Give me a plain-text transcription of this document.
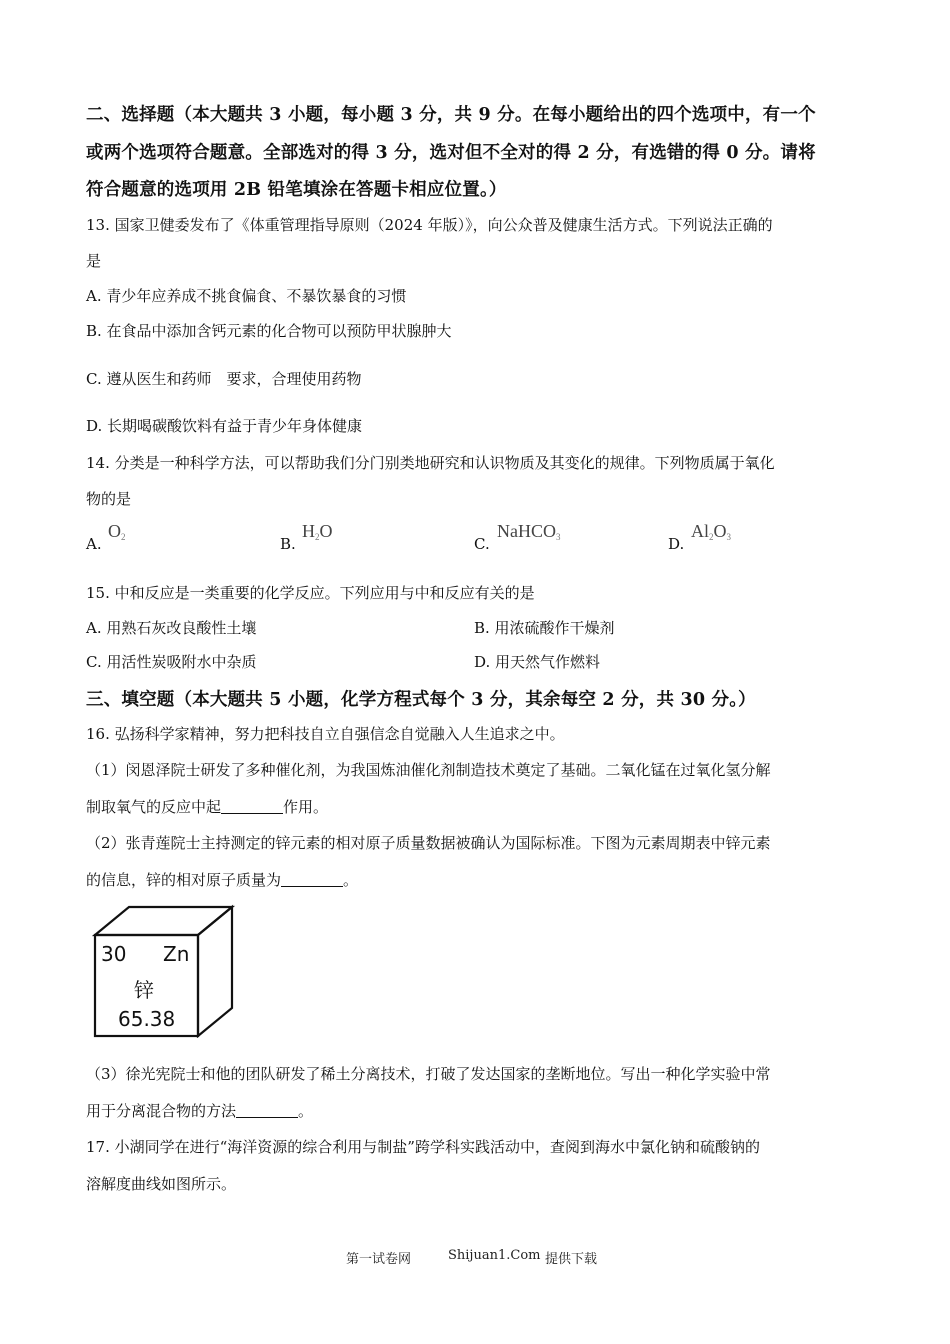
二、选择题（本大题共 3 小题，每小题 3 分，共 9 分。在每小题给出的四个选项中，有一个
或两个选项符合题意。全部选对的得 3 分，选对但不全对的得 2 分，有选错的得 0 分。请将
符合题意的选项用 2B 铅笔填涂在答题卡相应位置。）
13. 国家卫健委发布了《体重管理指导原则（2024 年版）》，向公众普及健康生活方式。下列说法正确的
是
A. 青少年应养成不挑食偏食、不暴饮暴食的习惯
B. 在食品中添加含钙元素的化合物可以预防甲状腺肿大
C. 遵从医生和药师　要求，合理使用药物
D. 长期喝碳酸饮料有益于青少年身体健康
14. 分类是一种科学方法，可以帮助我们分门别类地研究和认识物质及其变化的规律。下列物质属于氧化
物的是
A.
$O_2$	B.
$H_2O$
C.
NaHCO$_3$	D.
$Al_2O_3$
15. 中和反应是一类重要的化学反应。下列应用与中和反应有关的是
A. 用熟石灰改良酸性土壤	B. 用浓硫酸作干燥剂
C. 用活性炭吸附水中杂质	D. 用天然气作燃料
三、填空题（本大题共 5 小题，化学方程式每个 3 分，其余每空 2 分，共 30 分。）
16. 弘扬科学家精神，努力把科技自立自强信念自觉融入人生追求之中。
（1）闵恩泽院士研发了多种催化剂，为我国炼油催化剂制造技术奠定了基础。二氧化锰在过氧化氢分解
制取氧气的反应中起	作用。
（2）张青莲院士主持测定的锌元素的相对原子质量数据被确认为国际标准。下图为元素周期表中锌元素
的信息，锌的相对原子质量为	。
30 Zn
锌
65.38
（3）徐光宪院士和他的团队研发了稀土分离技术，打破了发达国家的垄断地位。写出一种化学实验中常
用于分离混合物的方法	。
17. 小湖同学在进行“海洋资源的综合利用与制盐”跨学科实践活动中，查阅到海水中氯化钠和硫酸钠的
溶解度曲线如图所示。
第一试卷网	Shijuan1.Com 提供下载
